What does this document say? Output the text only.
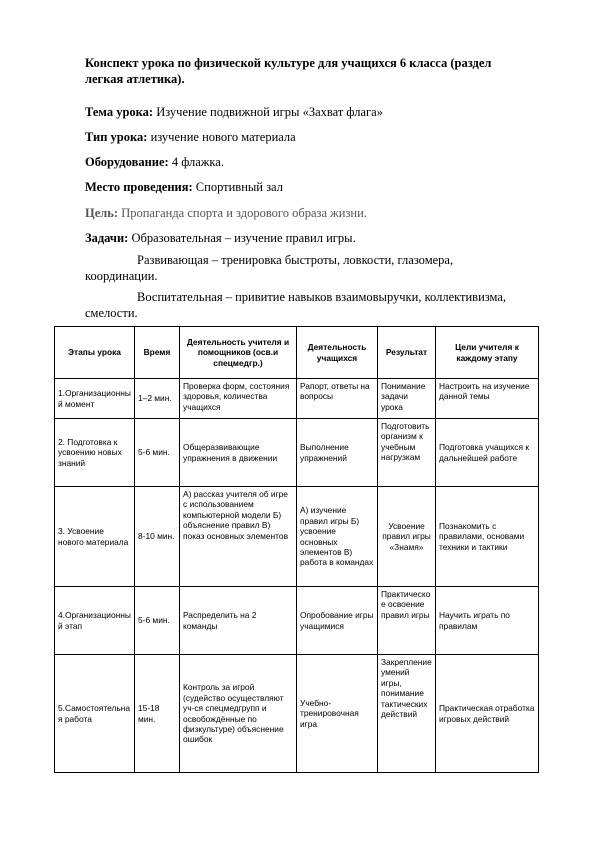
Конспект урока по физической культуре для учащихся 6 класса (раздел
легкая атлетика).

Тема урока: Изучение подвижной игры «Захват флага»

Тип урока: изучение нового материала

Оборудование: 4 флажка.

Место проведения: Спортивный зал

Цель: Пропаганда спорта и здорового образа жизни.

Задачи: Образовательная – изучение правил игры.

Развивающая – тренировка быстроты, ловкости, глазомера,

координации.

Воспитательная – привитие навыков взаимовыручки, коллективизма,

смелости.

Этапы урока	Время	Деятельность учителя и помощников (осв.и спецмедгр.)	Деятельность учащихся	Результат	Цели учителя к каждому этапу
1.Организационный момент	1–2 мин.	Проверка форм, состояния здоровья, количества учащихся	Рапорт, ответы на вопросы	Понимание задачи урока	Настроить на изучение данной темы
2. Подготовка к усвоению новых знаний	5-6 мин.	Общеразвивающие упражнения в движении	Выполнение упражнений	Подготовить организм к учебным нагрузкам	Подготовка учащихся к дальнейшей работе
3. Усвоение нового материала	8-10 мин.	А) рассказ учителя об игре с использованием компьютерной модели Б) объяснение правил В) показ основных элементов	А) изучение правил игры Б) усвоение основных элементов В) работа в командах	Усвоение правил игры «Знамя»	Познакомить с правилами, основами техники и тактики
4.Организационный этап	5-6 мин.	Распределить на 2 команды	Опробование игры учащимися	Практическое освоение правил игры	Научить играть по правилам
5.Самостоятельная работа	15-18 мин.	Контроль за игрой (судейство осуществляют уч-ся спецмедгрупп и освобождённые по физкультуре) объяснение ошибок	Учебно-тренировочная игра	Закрепление умений игры, понимание тактических действий	Практическая отработка игровых действий
